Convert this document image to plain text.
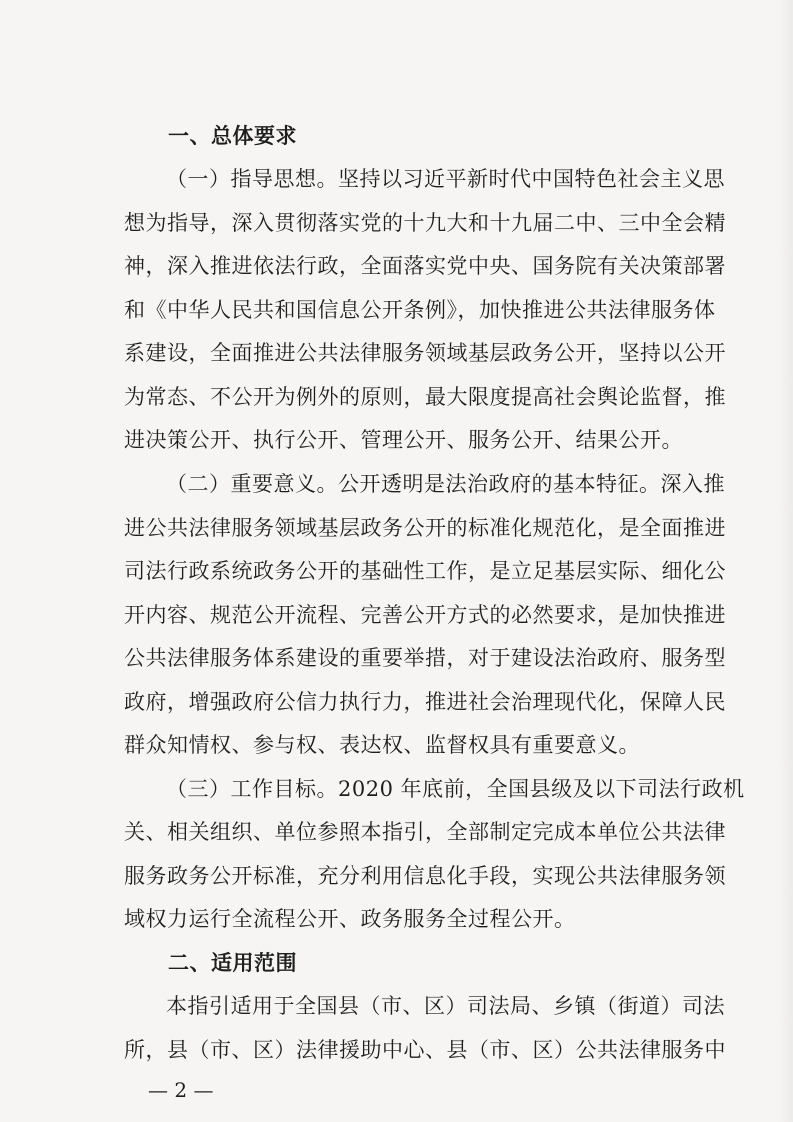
一、总体要求
（一）指导思想。坚持以习近平新时代中国特色社会主义思
想为指导，深入贯彻落实党的十九大和十九届二中、三中全会精
神，深入推进依法行政，全面落实党中央、国务院有关决策部署
和《中华人民共和国信息公开条例》，加快推进公共法律服务体
系建设，全面推进公共法律服务领域基层政务公开，坚持以公开
为常态、不公开为例外的原则，最大限度提高社会舆论监督，推
进决策公开、执行公开、管理公开、服务公开、结果公开。
（二）重要意义。公开透明是法治政府的基本特征。深入推
进公共法律服务领域基层政务公开的标准化规范化，是全面推进
司法行政系统政务公开的基础性工作，是立足基层实际、细化公
开内容、规范公开流程、完善公开方式的必然要求，是加快推进
公共法律服务体系建设的重要举措，对于建设法治政府、服务型
政府，增强政府公信力执行力，推进社会治理现代化，保障人民
群众知情权、参与权、表达权、监督权具有重要意义。
（三）工作目标。2020 年底前，全国县级及以下司法行政机
关、相关组织、单位参照本指引，全部制定完成本单位公共法律
服务政务公开标准，充分利用信息化手段，实现公共法律服务领
域权力运行全流程公开、政务服务全过程公开。
二、适用范围
本指引适用于全国县（市、区）司法局、乡镇（街道）司法
所，县（市、区）法律援助中心、县（市、区）公共法律服务中
— 2 —
